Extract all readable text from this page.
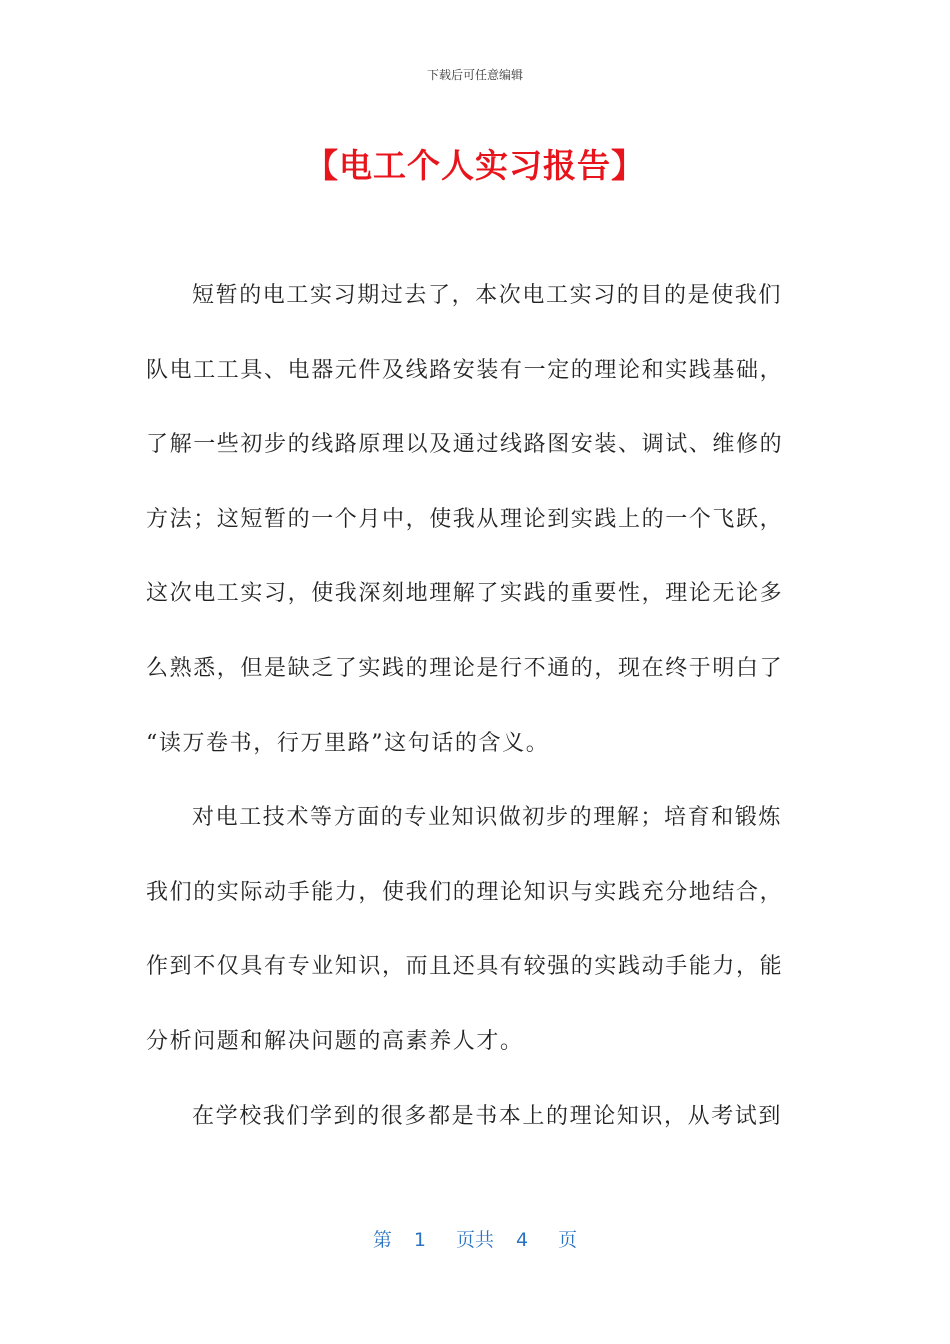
下载后可任意编辑
【电工个人实习报告】
短暂的电工实习期过去了，本次电工实习的目的是使我们
队电工工具、电器元件及线路安装有一定的理论和实践基础，
了解一些初步的线路原理以及通过线路图安装、调试、维修的
方法；这短暂的一个月中，使我从理论到实践上的一个飞跃，
这次电工实习，使我深刻地理解了实践的重要性，理论无论多
么熟悉，但是缺乏了实践的理论是行不通的，现在终于明白了
“读万卷书，行万里路”这句话的含义。
对电工技术等方面的专业知识做初步的理解；培育和锻炼
我们的实际动手能力，使我们的理论知识与实践充分地结合，
作到不仅具有专业知识，而且还具有较强的实践动手能力，能
分析问题和解决问题的高素养人才。
在学校我们学到的很多都是书本上的理论知识，从考试到
第 1 页共 4 页
